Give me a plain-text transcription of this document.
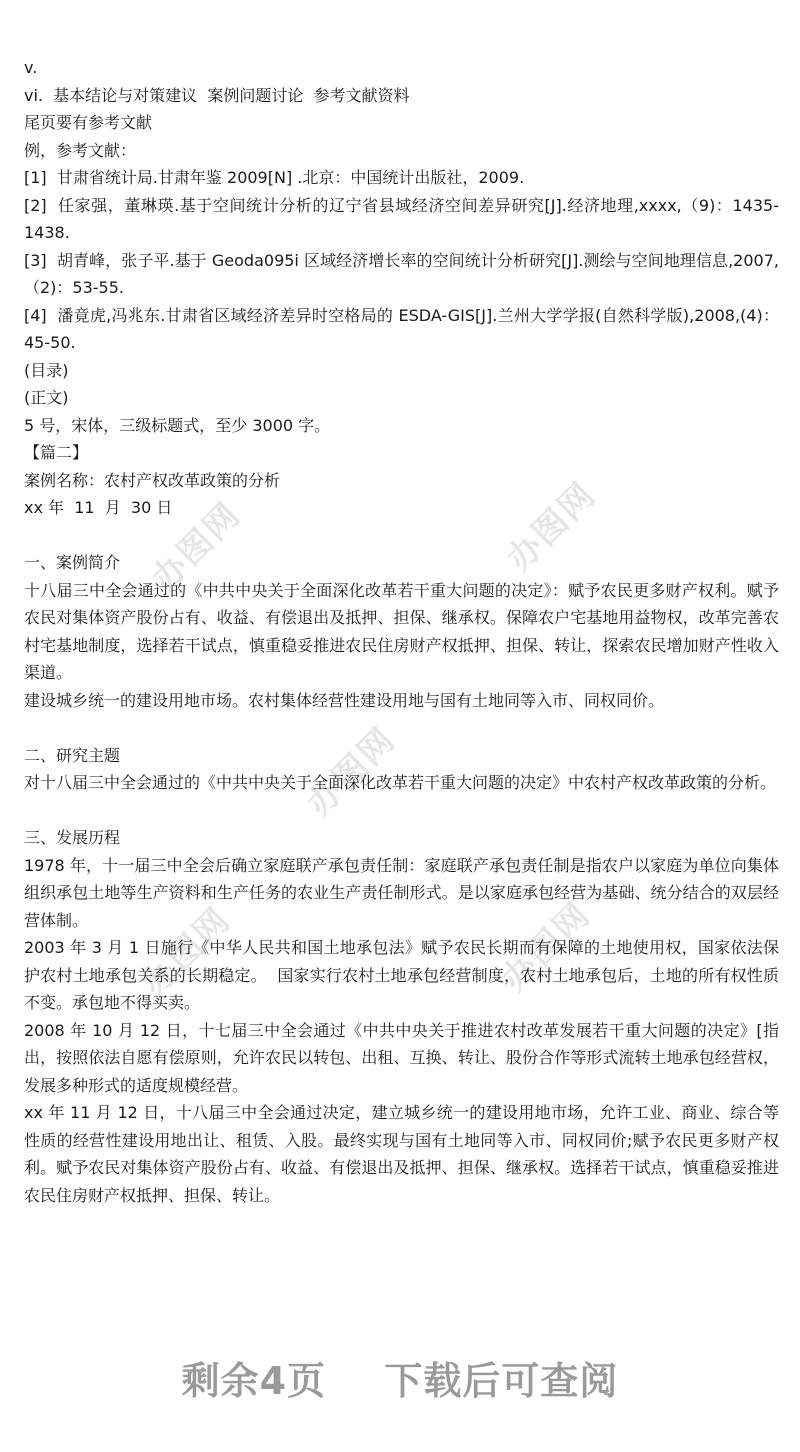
办图网	办图网
办图网
办图网	办图网
v.
vi.  基本结论与对策建议  案例问题讨论  参考文献资料
尾页要有参考文献
例，参考文献：
[1]  甘肃省统计局.甘肃年鉴 2009[N] .北京：中国统计出版社，2009.
[2]  任家强，董琳瑛.基于空间统计分析的辽宁省县域经济空间差异研究[J].经济地理,xxxx,（9)：1435-1438.
[3]  胡青峰，张子平.基于 Geoda095i 区域经济增长率的空间统计分析研究[J].测绘与空间地理信息,2007,（2)：53-55.
[4]  潘竟虎,冯兆东.甘肃省区域经济差异时空格局的 ESDA-GIS[J].兰州大学学报(自然科学版),2008,(4)：45-50.
(目录)
(正文)
5 号，宋体，三级标题式，至少 3000 字。
【篇二】
案例名称：农村产权改革政策的分析
xx 年  11  月  30 日
一、案例简介
十八届三中全会通过的《中共中央关于全面深化改革若干重大问题的决定》：赋予农民更多财产权利。赋予农民对集体资产股份占有、收益、有偿退出及抵押、担保、继承权。保障农户宅基地用益物权，改革完善农村宅基地制度，选择若干试点，慎重稳妥推进农民住房财产权抵押、担保、转让，探索农民增加财产性收入渠道。
建设城乡统一的建设用地市场。农村集体经营性建设用地与国有土地同等入市、同权同价。
二、研究主题
对十八届三中全会通过的《中共中央关于全面深化改革若干重大问题的决定》中农村产权改革政策的分析。
三、发展历程
1978 年，十一届三中全会后确立家庭联产承包责任制：家庭联产承包责任制是指农户以家庭为单位向集体组织承包土地等生产资料和生产任务的农业生产责任制形式。是以家庭承包经营为基础、统分结合的双层经营体制。
2003 年 3 月 1 日施行《中华人民共和国土地承包法》赋予农民长期而有保障的土地使用权，国家依法保护农村土地承包关系的长期稳定。  国家实行农村土地承包经营制度，农村土地承包后，土地的所有权性质不变。承包地不得买卖。
2008 年 10 月 12 日，十七届三中全会通过《中共中央关于推进农村改革发展若干重大问题的决定》[指出，按照依法自愿有偿原则，允许农民以转包、出租、互换、转让、股份合作等形式流转土地承包经营权，发展多种形式的适度规模经营。
xx 年 11 月 12 日，十八届三中全会通过决定，建立城乡统一的建设用地市场，允许工业、商业、综合等性质的经营性建设用地出让、租赁、入股。最终实现与国有土地同等入市、同权同价;赋予农民更多财产权利。赋予农民对集体资产股份占有、收益、有偿退出及抵押、担保、继承权。选择若干试点，慎重稳妥推进农民住房财产权抵押、担保、转让。
剩余4页 下载后可查阅
